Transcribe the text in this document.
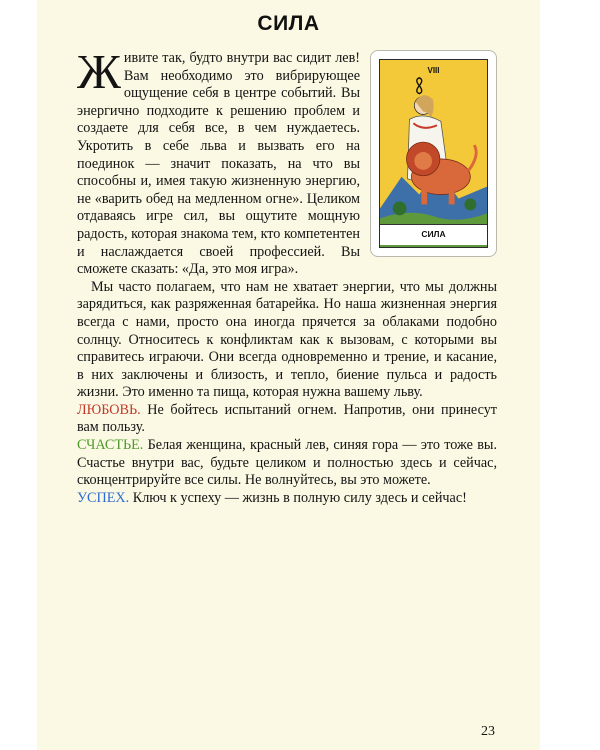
СИЛА
VIII
СИЛА

Живите так, будто внутри вас сидит лев! Вам необходимо это вибрирующее ощущение себя в центре событий. Вы энергично подходите к решению проблем и создаете для себя все, в чем нуждаетесь. Укротить в себе льва и вызвать его на поединок — значит показать, на что вы способны и, имея такую жизненную энергию, не «варить обед на медленном огне». Целиком отдаваясь игре сил, вы ощутите мощную радость, которая знакома тем, кто компетентен и наслаждается своей профессией. Вы сможете сказать: «Да, это моя игра».

Мы часто полагаем, что нам не хватает энергии, что мы должны зарядиться, как разряженная батарейка. Но наша жизненная энергия всегда с нами, просто она иногда прячется за облаками подобно солнцу. Относитесь к конфликтам как к вызовам, с которыми вы справитесь играючи. Они всегда одновременно и трение, и касание, в них заключены и близость, и тепло, биение пульса и радость жизни. Это именно та пища, которая нужна вашему льву.

ЛЮБОВЬ. Не бойтесь испытаний огнем. Напротив, они принесут вам пользу.

СЧАСТЬЕ. Белая женщина, красный лев, синяя гора — это тоже вы. Счастье внутри вас, будьте целиком и полностью здесь и сейчас, сконцентрируйте все силы. Не волнуйтесь, вы это можете.

УСПЕХ. Ключ к успеху — жизнь в полную силу здесь и сейчас!

23
